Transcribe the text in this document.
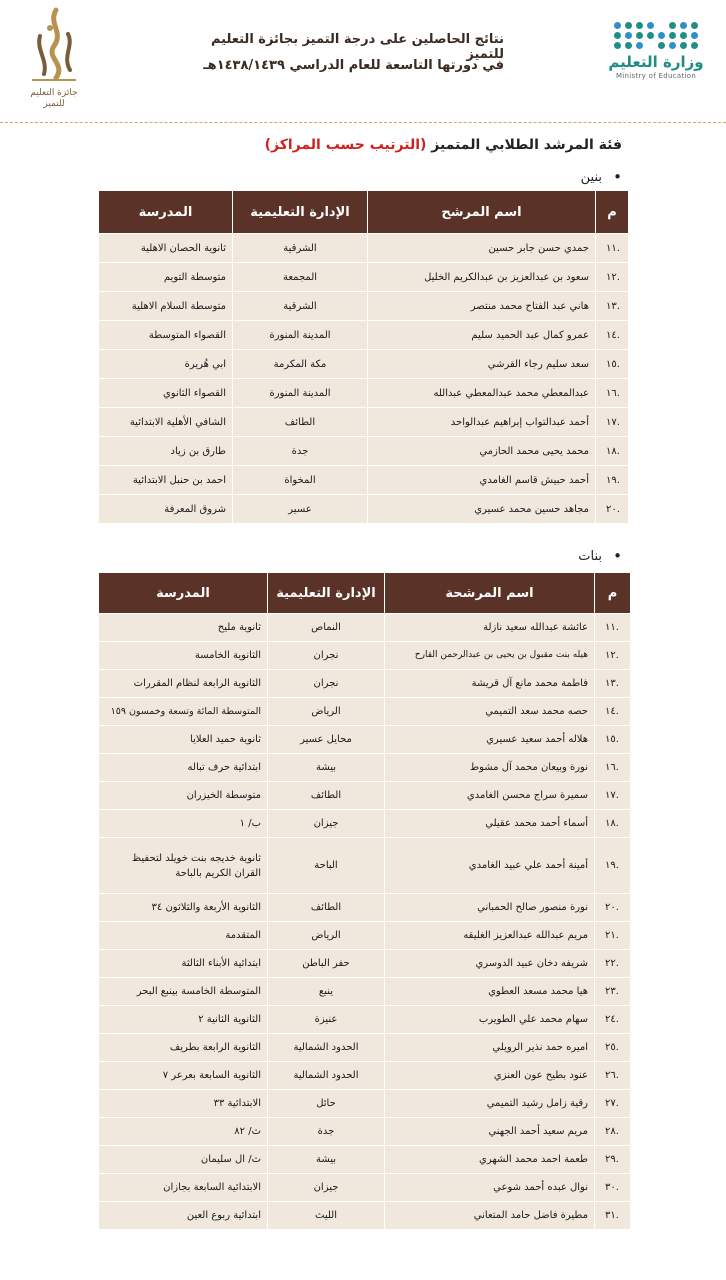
وزارة التعليم
Ministry of Education
نتائج الحاصلين على درجة التميز بجائزة التعليم للتميز
في دورتها التاسعة للعام الدراسي ١٤٣٨/١٤٣٩هـ
جائزة التعليم للتميز
فئة المرشد الطلابي المتميز (الترتيب حسب المراكز)
• بنين
م	اسم المرشح	الإدارة التعليمية	المدرسة
١١.	حمدي حسن جابر حسين	الشرقية	ثانوية الحصان الاهلية
١٢.	سعود بن عبدالعزيز بن عبدالكريم الخليل	المجمعة	متوسطة التويم
١٣.	هاني عبد الفتاح محمد منتصر	الشرقية	متوسطة السلام الاهلية
١٤.	عمرو كمال عبد الحميد سليم	المدينة المنورة	القصواء المتوسطة
١٥.	سعد سليم رجاء القرشي	مكة المكرمة	ابي هُريرة
١٦.	عبدالمعطي محمد عبدالمعطي عبدالله	المدينة المنورة	القصواء الثانوي
١٧.	أحمد عبدالتواب إبراهيم عبدالواحد	الطائف	الشافي الأهلية الابتدائية
١٨.	محمد يحيى محمد الحازمي	جدة	طارق بن زياد
١٩.	أحمد حبيش قاسم الغامدي	المخواة	احمد بن حنبل الابتدائية
٢٠.	مجاهد حسين محمد عسيري	عسير	شروق المعرفة
• بنات
م	اسم المرشحة	الإدارة التعليمية	المدرسة
١١.	عائشة عبدالله سعيد نازلة	النماص	ثانوية مليح
١٢.	هيله بنت مقبول بن يحيى بن عبدالرحمن القارح	نجران	الثانوية الخامسة
١٣.	فاطمة محمد مانع آل قريشة	نجران	الثانوية الرابعة لنظام المقررات
١٤.	حصه محمد سعد التميمي	الرياض	المتوسطة المائة وتسعة وخمسون ١٥٩
١٥.	هلاله أحمد سعيد عسيري	محايل عسير	ثانوية حميد العلايا
١٦.	نورة وبيعان محمد آل مشوط	بيشة	ابتدائية حرف تباله
١٧.	سميرة سراج محسن الغامدي	الطائف	متوسطة الخيزران
١٨.	أسماء أحمد محمد عقيلي	جيزان	ب/ ١
١٩.	أمينة أحمد علي عبيد الغامدي	الباحة	ثانوية خديجه بنت خويلد لتحفيظ القران الكريم بالباحة
٢٠.	نورة منصور صالح الحمباني	الطائف	الثانوية الأربعة والثلاثون ٣٤
٢١.	مريم عبدالله عبدالعزيز الغليقه	الرياض	المتقدمة
٢٢.	شريفه دخان عبيد الدوسري	حفر الباطن	ابتدائية الأبناء الثالثة
٢٣.	هيا محمد مسعد العطوي	ينبع	المتوسطة الخامسة بينبع البحر
٢٤.	سهام محمد علي الطويرب	عنيزة	الثانوية الثانية ٢
٢٥.	اميره حمد نذير الرويلي	الحدود الشمالية	الثانوية الرابعة بطريف
٢٦.	عنود بطيح عون العنزي	الحدود الشمالية	الثانوية السابعة بعرعر ٧
٢٧.	رقية زامل رشيد التميمي	حائل	الابتدائية ٣٣
٢٨.	مريم سعيد أحمد الجهني	جدة	ث/ ٨٢
٢٩.	طعمة احمد محمد الشهري	بيشة	ث/ ال سليمان
٣٠.	نوال عبده أحمد شوعي	جيزان	الابتدائية السابعة بجازان
٣١.	مطيرة فاضل حامد المتعاني	الليث	ابتدائية ربوع العين
